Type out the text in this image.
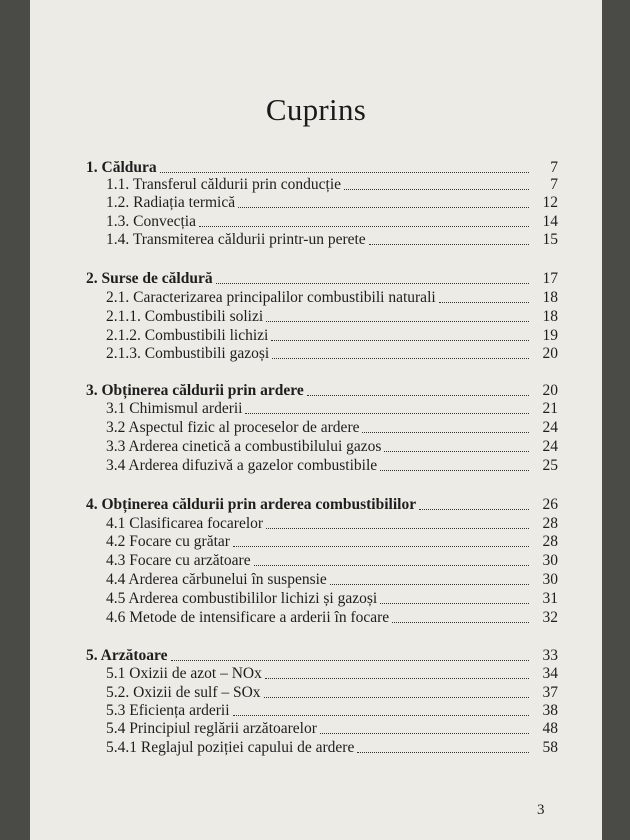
Cuprins
1. Căldura	7
1.1. Transferul căldurii prin conducție	7
1.2. Radiația termică	12
1.3. Convecția	14
1.4. Transmiterea căldurii printr-un perete	15
2. Surse de căldură	17
2.1. Caracterizarea principalilor combustibili naturali	18
2.1.1. Combustibili solizi	18
2.1.2. Combustibili lichizi	19
2.1.3. Combustibili gazoși	20
3. Obținerea căldurii prin ardere	20
3.1 Chimismul arderii	21
3.2 Aspectul fizic al proceselor de ardere	24
3.3 Arderea cinetică a combustibilului gazos	24
3.4 Arderea difuzivă a gazelor combustibile	25
4. Obținerea căldurii prin arderea combustibililor	26
4.1 Clasificarea focarelor	28
4.2 Focare cu grătar	28
4.3 Focare cu arzătoare	30
4.4 Arderea cărbunelui în suspensie	30
4.5 Arderea combustibililor lichizi și gazoși	31
4.6 Metode de intensificare a arderii în focare	32
5. Arzătoare	33
5.1 Oxizii de azot – NOx	34
5.2. Oxizii de sulf – SOx	37
5.3 Eficiența arderii	38
5.4 Principiul reglării arzătoarelor	48
5.4.1 Reglajul poziției capului de ardere	58
3
